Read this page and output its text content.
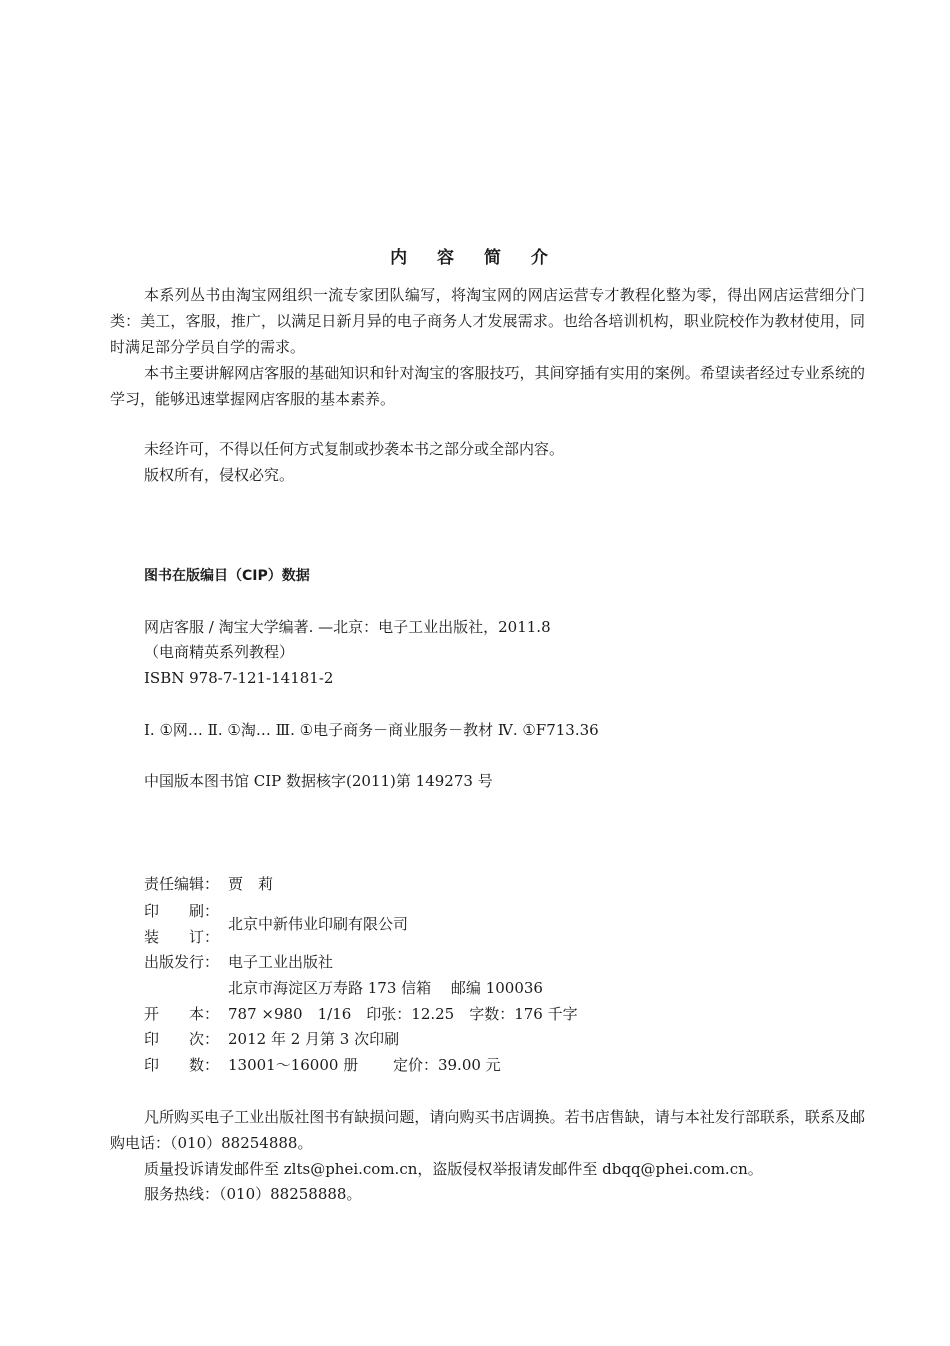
内 容 简 介

本系列丛书由淘宝网组织一流专家团队编写，将淘宝网的网店运营专才教程化整为零，得出网店运营细分门类：美工，客服，推广，以满足日新月异的电子商务人才发展需求。也给各培训机构，职业院校作为教材使用，同时满足部分学员自学的需求。

本书主要讲解网店客服的基础知识和针对淘宝的客服技巧，其间穿插有实用的案例。希望读者经过专业系统的学习，能够迅速掌握网店客服的基本素养。

未经许可，不得以任何方式复制或抄袭本书之部分或全部内容。
版权所有，侵权必究。
图书在版编目（CIP）数据
网店客服 / 淘宝大学编著. —北京：电子工业出版社，2011.8
（电商精英系列教程）
ISBN 978-7-121-14181-2
Ⅰ. ①网… Ⅱ. ①淘… Ⅲ. ①电子商务－商业服务－教材 Ⅳ. ①F713.36
中国版本图书馆 CIP 数据核字(2011)第 149273 号
责任编辑： 贾　莉
印　　刷：
装　　订：
北京中新伟业印刷有限公司
出版发行： 电子工业出版社
北京市海淀区万寿路 173 信箱　 邮编 100036
开　　本： 787 ×980　1/16　印张：12.25　字数：176 千字
印　　次： 2012 年 2 月第 3 次印刷
印　　数： 13001～16000 册　　 定价：39.00 元

凡所购买电子工业出版社图书有缺损问题，请向购买书店调换。若书店售缺，请与本社发行部联系，联系及邮购电话：（010）88254888。

质量投诉请发邮件至 zlts@phei.com.cn，盗版侵权举报请发邮件至 dbqq@phei.com.cn。
服务热线：（010）88258888。
